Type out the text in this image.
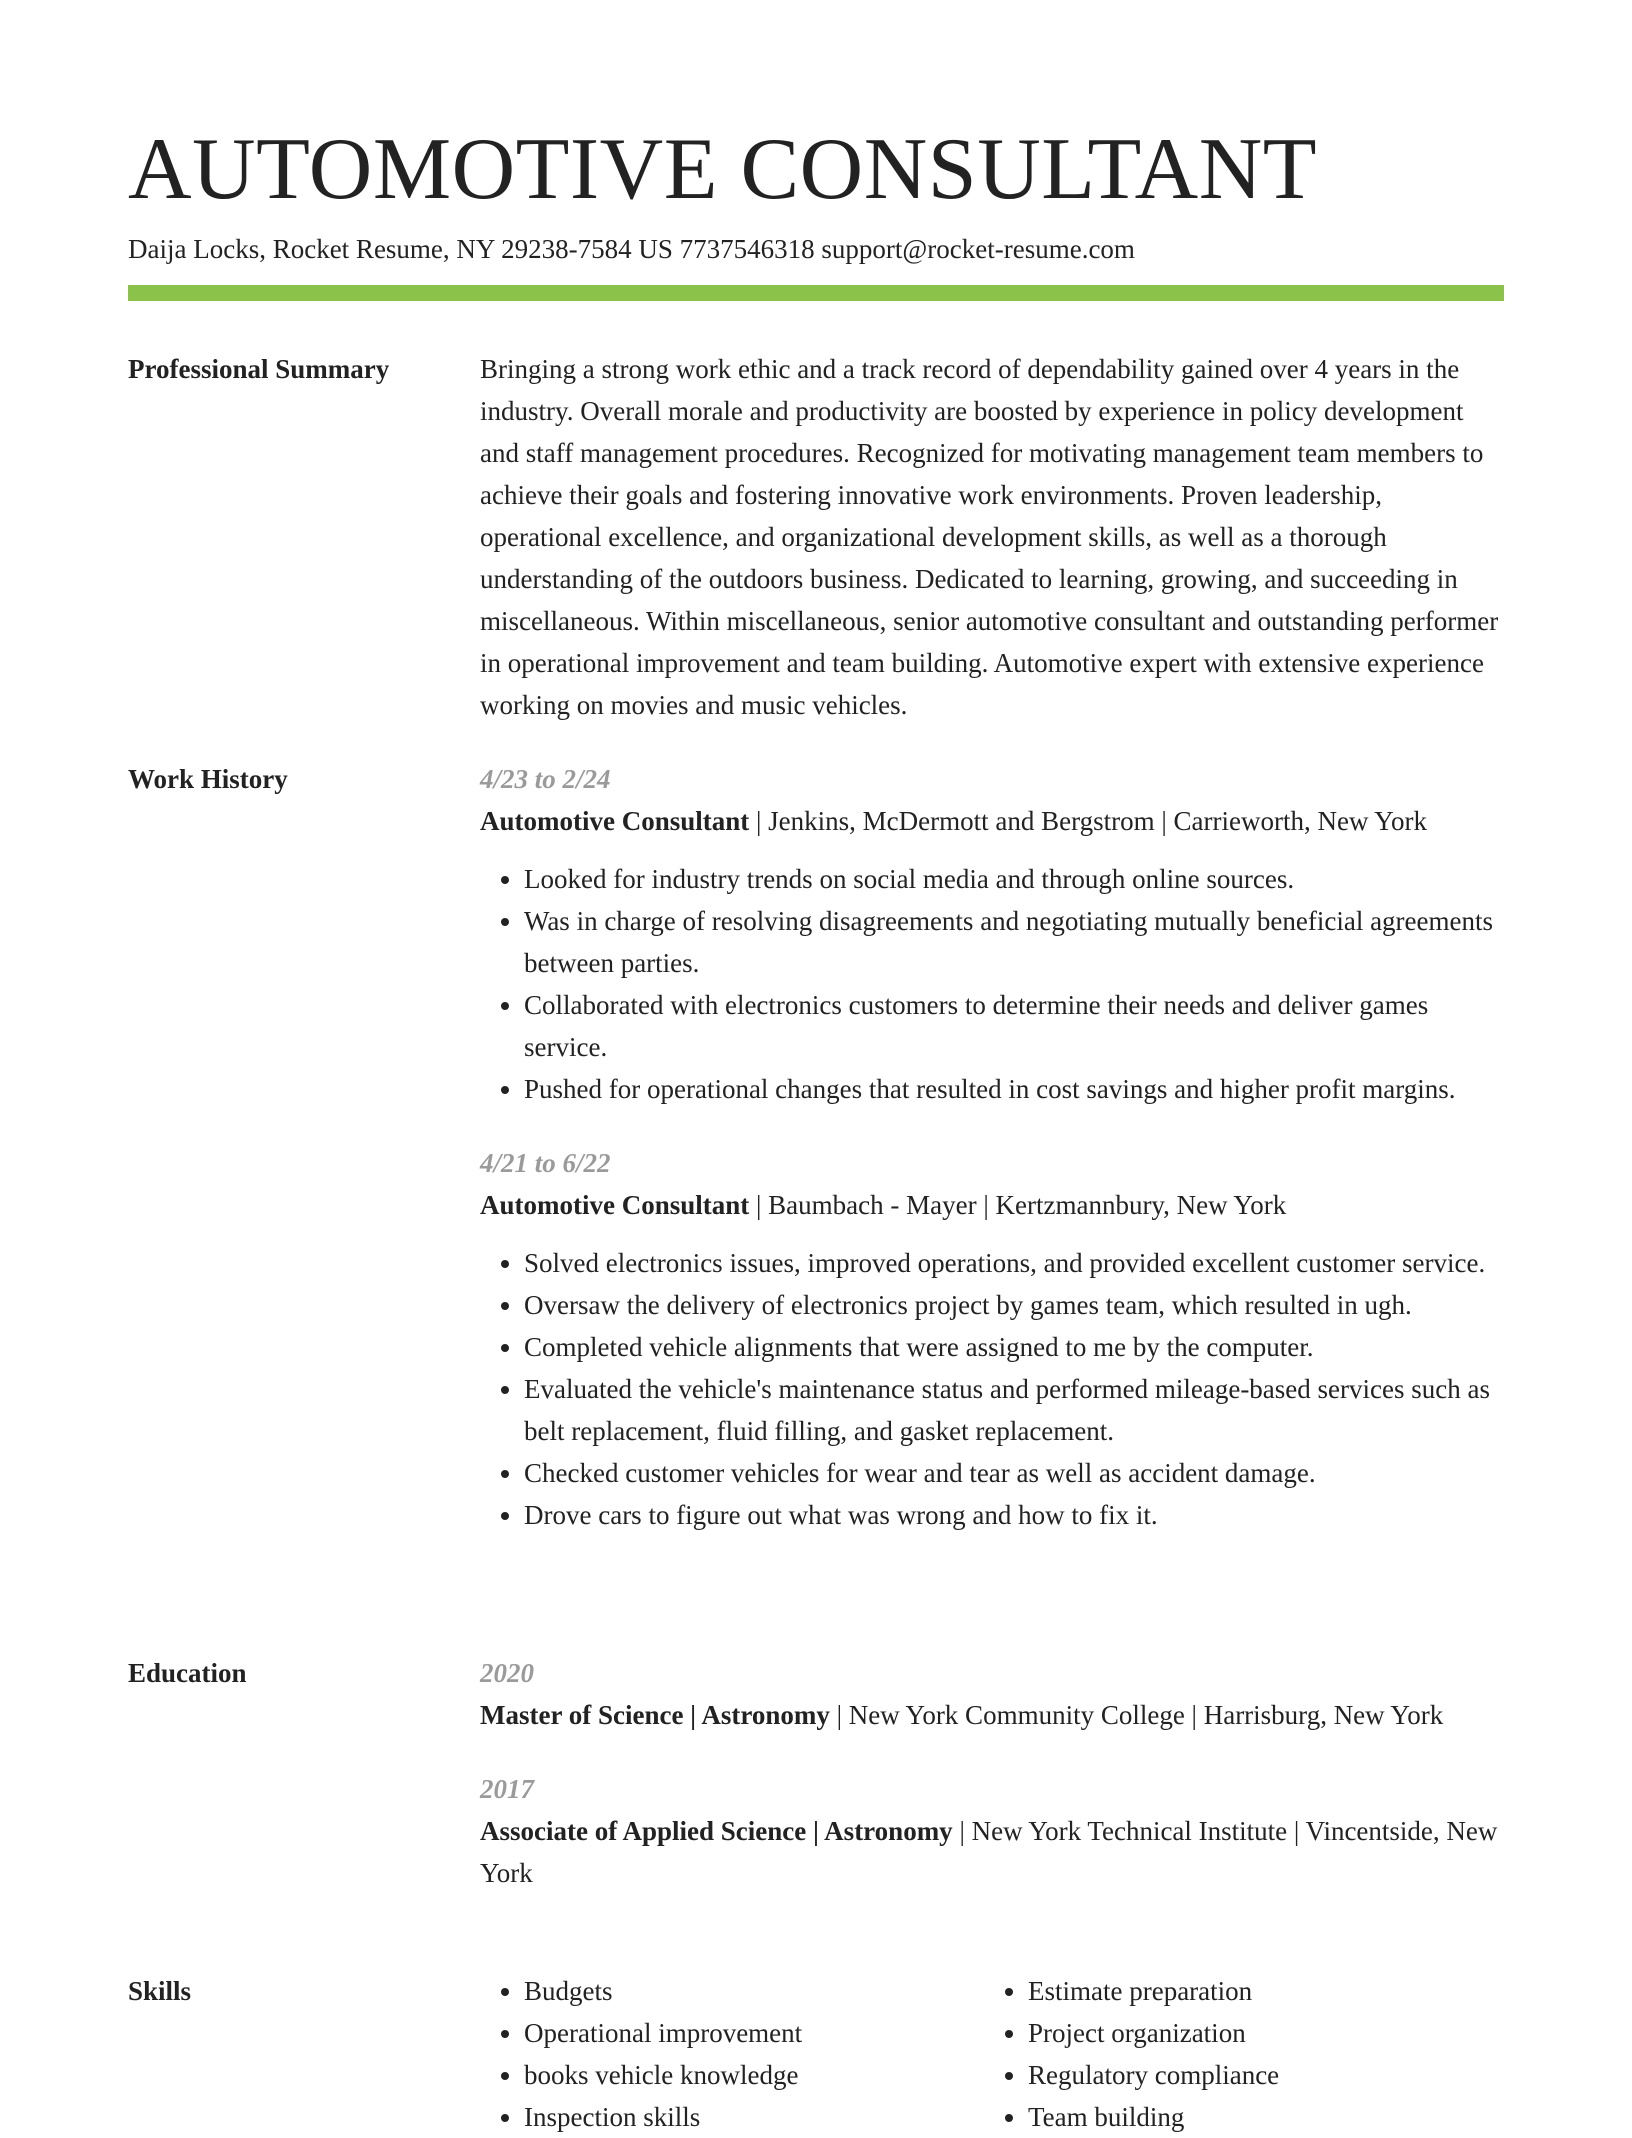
AUTOMOTIVE CONSULTANT
Daija Locks, Rocket Resume, NY 29238-7584 US 7737546318 support@rocket-resume.com
Professional Summary	Bringing a strong work ethic and a track record of dependability gained over 4 years in the industry. Overall morale and productivity are boosted by experience in policy development and staff management procedures. Recognized for motivating management team members to achieve their goals and fostering innovative work environments. Proven leadership, operational excellence, and organizational development skills, as well as a thorough understanding of the outdoors business. Dedicated to learning, growing, and succeeding in miscellaneous. Within miscellaneous, senior automotive consultant and outstanding performer in operational improvement and team building. Automotive expert with extensive experience working on movies and music vehicles.

Work History	4/23 to 2/24

Automotive Consultant | Jenkins, McDermott and Bergstrom | Carrieworth, New York

• Looked for industry trends on social media and through online sources.
• Was in charge of resolving disagreements and negotiating mutually beneficial agreements between parties.
• Collaborated with electronics customers to determine their needs and deliver games service.
• Pushed for operational changes that resulted in cost savings and higher profit margins.
4/21 to 6/22

Automotive Consultant | Baumbach - Mayer | Kertzmannbury, New York

• Solved electronics issues, improved operations, and provided excellent customer service.
• Oversaw the delivery of electronics project by games team, which resulted in ugh.
• Completed vehicle alignments that were assigned to me by the computer.
• Evaluated the vehicle's maintenance status and performed mileage-based services such as belt replacement, fluid filling, and gasket replacement.
• Checked customer vehicles for wear and tear as well as accident damage.
• Drove cars to figure out what was wrong and how to fix it.
Education	2020

Master of Science | Astronomy | New York Community College | Harrisburg, New York

2017

Associate of Applied Science | Astronomy | New York Technical Institute | Vincentside, New York

Skills
•	Budgets
• Operational improvement
• books vehicle knowledge
• Inspection skills
• Estimate preparation
• Project organization
• Regulatory compliance
• Team building
